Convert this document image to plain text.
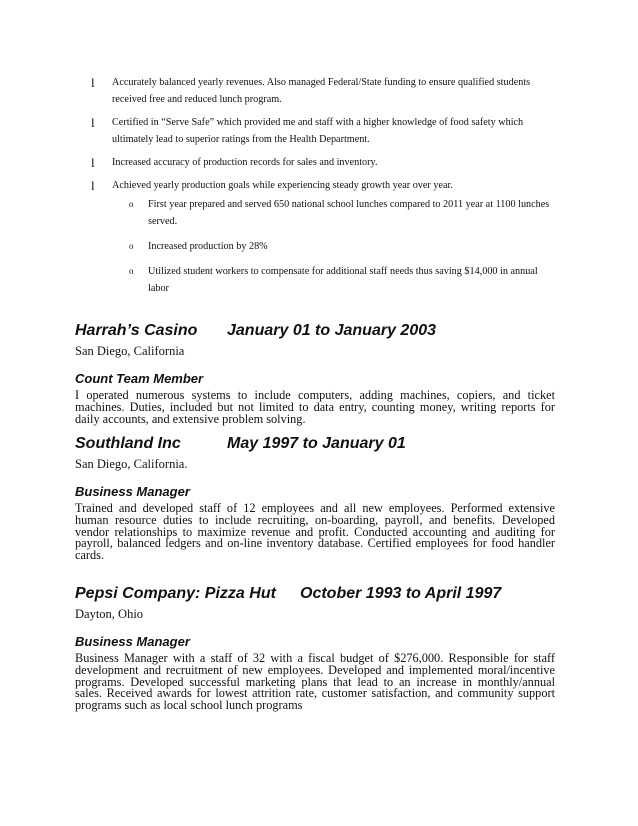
l Accurately balanced yearly revenues. Also managed Federal/State funding to ensure qualified students received free and reduced lunch program.
l Certified in “Serve Safe” which provided me and staff with a higher knowledge of food safety which ultimately lead to superior ratings from the Health Department.
l Increased accuracy of production records for sales and inventory.
l Achieved yearly production goals while experiencing steady growth year over year.
o First year prepared and served 650 national school lunches compared to 2011 year at 1100 lunches served.
o Increased production by 28%
o Utilized student workers to compensate for additional staff needs thus saving $14,000 in annual labor
Harrah’s Casino January 01 to January 2003
San Diego, California
Count Team Member
I operated numerous systems to include computers, adding machines, copiers, and ticket machines. Duties, included but not limited to data entry, counting money, writing reports for daily accounts, and extensive problem solving.
Southland Inc	May 1997 to January 01
San Diego, California.
Business Manager
Trained and developed staff of 12 employees and all new employees. Performed extensive human resource duties to include recruiting, on-boarding, payroll, and benefits. Developed vendor relationships to maximize revenue and profit. Conducted accounting and auditing for payroll, balanced ledgers and on-line inventory database. Certified employees for food handler cards.
Pepsi Company: Pizza Hut October 1993 to April 1997
Dayton, Ohio
Business Manager
Business Manager with a staff of 32 with a fiscal budget of $276,000. Responsible for staff development and recruitment of new employees. Developed and implemented moral/incentive programs. Developed successful marketing plans that lead to an increase in monthly/annual sales. Received awards for lowest attrition rate, customer satisfaction, and community support programs such as local school lunch programs
